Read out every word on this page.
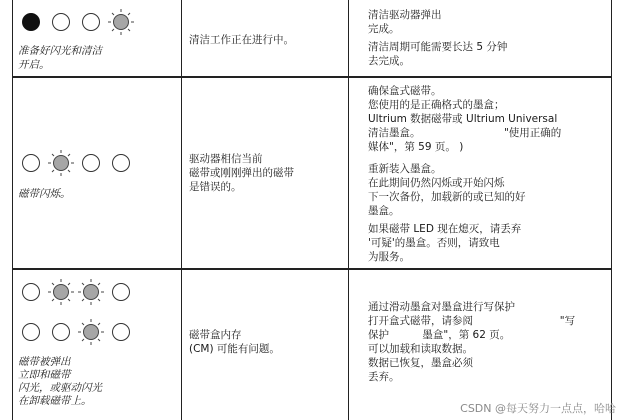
准备好闪光和清洁
开启。
清洁工作正在进行中。
清洁驱动器弹出
完成。
清洁周期可能需要长达 5 分钟
去完成。
磁带闪烁。
驱动器相信当前
磁带或刚刚弹出的磁带
是错误的。
确保盒式磁带。
您使用的是正确格式的墨盒；
Ultrium 数据磁带或 Ultrium Universal
清洁墨盒。                         "使用正确的
媒体"，第 59 页。 )
重新装入墨盒。
在此期间仍然闪烁或开始闪烁
下一次备份，加载新的或已知的好
墨盒。
如果磁带 LED 现在熄灭，请丢弃
'可疑'的墨盒。否则，请致电
为服务。
磁带被弹出
立即和磁带
闪光，或驱动闪光
在卸载磁带上。
磁带盒内存
(CM) 可能有问题。
通过滑动墨盒对墨盒进行写保护
打开盒式磁带，请参阅                          "写
保护          墨盒"，第 62 页。
可以加载和读取数据。
数据已恢复，墨盒必须
丢弃。
CSDN @每天努力一点点，哈哈
